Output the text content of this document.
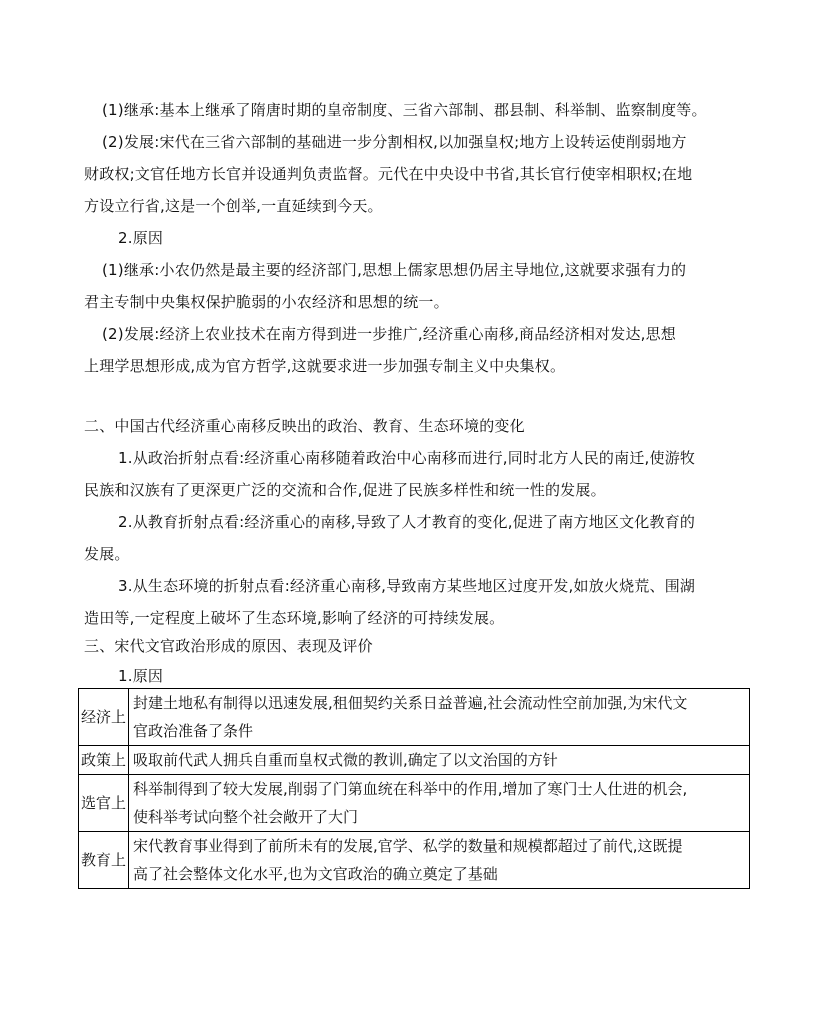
(1)继承:基本上继承了隋唐时期的皇帝制度、三省六部制、郡县制、科举制、监察制度等。
(2)发展:宋代在三省六部制的基础进一步分割相权,以加强皇权;地方上设转运使削弱地方
财政权;文官任地方长官并设通判负责监督。元代在中央设中书省,其长官行使宰相职权;在地
方设立行省,这是一个创举,一直延续到今天。
2.原因
(1)继承:小农仍然是最主要的经济部门,思想上儒家思想仍居主导地位,这就要求强有力的
君主专制中央集权保护脆弱的小农经济和思想的统一。
(2)发展:经济上农业技术在南方得到进一步推广,经济重心南移,商品经济相对发达,思想
上理学思想形成,成为官方哲学,这就要求进一步加强专制主义中央集权。
二、中国古代经济重心南移反映出的政治、教育、生态环境的变化
1.从政治折射点看:经济重心南移随着政治中心南移而进行,同时北方人民的南迁,使游牧
民族和汉族有了更深更广泛的交流和合作,促进了民族多样性和统一性的发展。
2.从教育折射点看:经济重心的南移,导致了人才教育的变化,促进了南方地区文化教育的
发展。
3.从生态环境的折射点看:经济重心南移,导致南方某些地区过度开发,如放火烧荒、围湖
造田等,一定程度上破坏了生态环境,影响了经济的可持续发展。
三、宋代文官政治形成的原因、表现及评价
1.原因
经济上	封建土地私有制得以迅速发展,租佃契约关系日益普遍,社会流动性空前加强,为宋代文
官政治准备了条件

政策上	吸取前代武人拥兵自重而皇权式微的教训,确定了以文治国的方针

选官上	科举制得到了较大发展,削弱了门第血统在科举中的作用,增加了寒门士人仕进的机会,
使科举考试向整个社会敞开了大门

教育上	宋代教育事业得到了前所未有的发展,官学、私学的数量和规模都超过了前代,这既提
高了社会整体文化水平,也为文官政治的确立奠定了基础
